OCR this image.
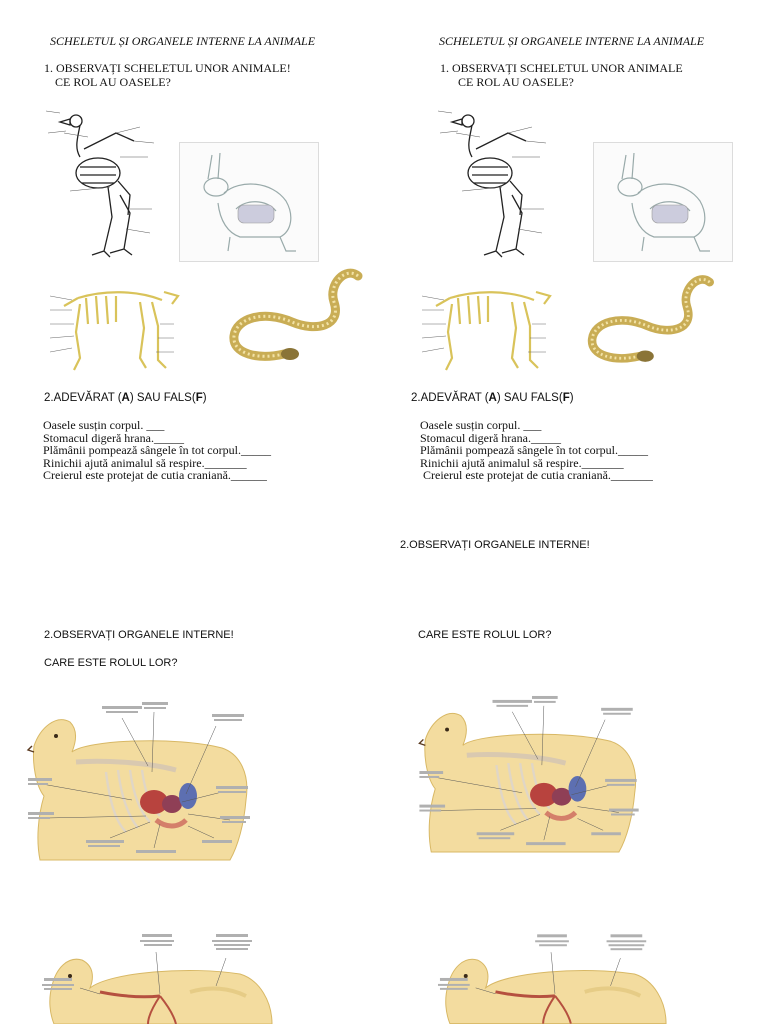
SCHELETUL ȘI ORGANELE INTERNE LA ANIMALE
1. OBSERVAȚI SCHELETUL UNOR ANIMALE!
CE ROL AU OASELE?
2.ADEVĂRAT (A) SAU FALS(F)
Oasele susțin corpul. ___
Stomacul digeră hrana._____
Plămânii pompează sângele în tot corpul._____
Rinichii ajută animalul să respire._______
Creierul este protejat de cutia craniană.______
SCHELETUL ȘI ORGANELE INTERNE LA ANIMALE
1. OBSERVAȚI SCHELETUL UNOR ANIMALE
CE ROL AU OASELE?
2.ADEVĂRAT (A) SAU FALS(F)
Oasele susțin corpul. ___
Stomacul digeră hrana._____
Plămânii pompează sângele în tot corpul._____
Rinichii ajută animalul să respire._______
Creierul este protejat de cutia craniană._______
2.OBSERVAȚI ORGANELE INTERNE!
2.OBSERVAȚI ORGANELE INTERNE!	CARE ESTE ROLUL LOR?
CARE ESTE ROLUL LOR?
